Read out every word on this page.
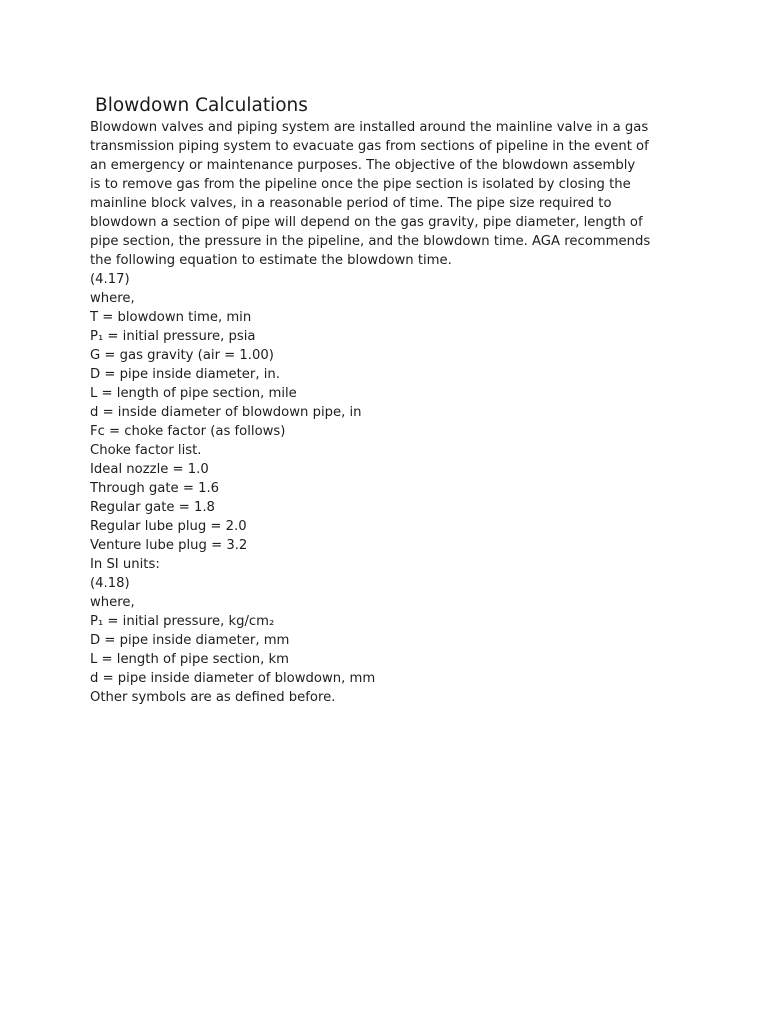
Blowdown Calculations
Blowdown valves and piping system are installed around the mainline valve in a gas
transmission piping system to evacuate gas from sections of pipeline in the event of
an emergency or maintenance purposes. The objective of the blowdown assembly
is to remove gas from the pipeline once the pipe section is isolated by closing the
mainline block valves, in a reasonable period of time. The pipe size required to
blowdown a section of pipe will depend on the gas gravity, pipe diameter, length of
pipe section, the pressure in the pipeline, and the blowdown time. AGA recommends
the following equation to estimate the blowdown time.
(4.17)
where,
T = blowdown time, min
P₁ = initial pressure, psia
G = gas gravity (air = 1.00)
D = pipe inside diameter, in.
L = length of pipe section, mile
d = inside diameter of blowdown pipe, in
Fc = choke factor (as follows)
Choke factor list.
Ideal nozzle = 1.0
Through gate = 1.6
Regular gate = 1.8
Regular lube plug = 2.0
Venture lube plug = 3.2
In SI units:
(4.18)
where,
P₁ = initial pressure, kg/cm₂
D = pipe inside diameter, mm
L = length of pipe section, km
d = pipe inside diameter of blowdown, mm
Other symbols are as defined before.
